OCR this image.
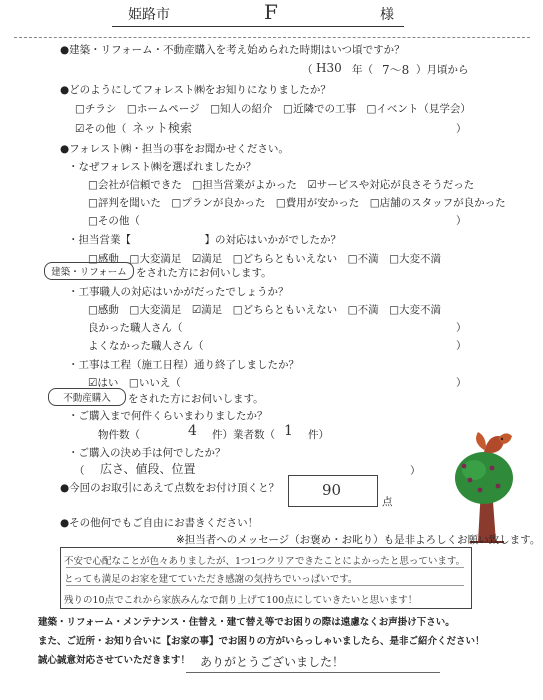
姫路市	F	様
●建築・リフォーム・不動産購入を考え始められた時期はいつ頃ですか？
（ H30 年（ 7～8 ）月頃から
●どのようにしてフォレスト㈱をお知りになりましたか？
□チラシ　□ホームページ　□知人の紹介　□近隣での工事　□イベント（見学会）
☑その他（ ネット検索	）
●フォレスト㈱・担当の事をお聞かせください。
・なぜフォレスト㈱を選ばれましたか？
□会社が信頼できた　□担当営業がよかった　☑サービスや対応が良さそうだった
□評判を聞いた　□プランが良かった　□費用が安かった　□店舗のスタッフが良かった
□その他（	）
・担当営業【　　　　　　　】の対応はいかがでしたか？
□感動　□大変満足　☑満足　□どちらともいえない　□不満　□大変不満
建築・リフォーム をされた方にお伺いします。
・工事職人の対応はいかがだったでしょうか？
□感動　□大変満足　☑満足　□どちらともいえない　□不満　□大変不満
良かった職人さん（	）
よくなかった職人さん（	）
・工事は工程（施工日程）通り終了しましたか？
☑はい　□いいえ（	）
不動産購入 をされた方にお伺いします。
・ご購入まで何件くらいまわりましたか？
物件数（	4 件）業者数（ 1 件）
・ご購入の決め手は何でしたか？
（ 広さ、値段、位置	）
●今回のお取引にあえて点数をお付け頂くと？	90
点
●その他何でもご自由にお書きください！
※担当者へのメッセージ（お褒め・お叱り）も是非よろしくお願い致します。
不安で心配なことが色々ありましたが、1つ1つクリアできたことによかったと思っています。
とっても満足のお家を建てていただき感謝の気持ちでいっぱいです。
残りの10点でこれから家族みんなで創り上げて100点にしていきたいと思います！
建築・リフォーム・メンテナンス・住替え・建て替え等でお困りの際は遠慮なくお声掛け下さい。
また、ご近所・お知り合いに【お家の事】でお困りの方がいらっしゃいましたら、是非ご紹介ください！
誠心誠意対応させていただきます！ ありがとうございました！
